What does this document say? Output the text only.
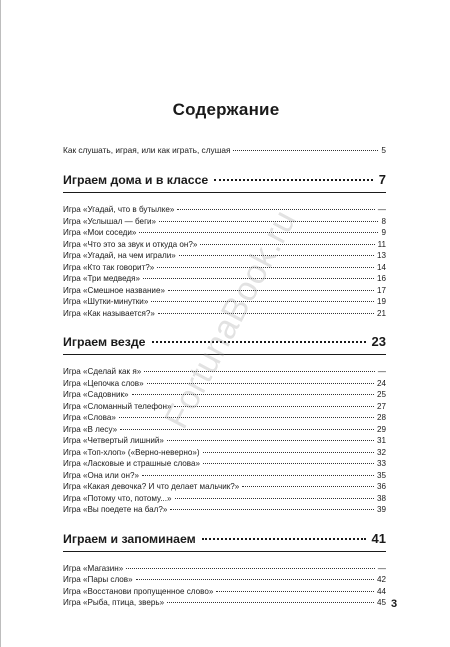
Содержание
Как слушать, играя, или как играть, слушая	5
Играем дома и в классе	7
Игра «Угадай, что в бутылке»	—
Игра «Услышал — беги»	8
Игра «Мои соседи»	9
Игра «Что это за звук и откуда он?»	11
Игра «Угадай, на чем играли»	13
Игра «Кто так говорит?»	14
Игра «Три медведя»	16
Игра «Смешное название»	17
Игра «Шутки-минутки»	19
Игра «Как называется?»	21
Играем везде	23
Игра «Сделай как я»	—
Игра «Цепочка слов»	24
Игра «Садовник»	25
Игра «Сломанный телефон»	27
Игра «Слова»	28
Игра «В лесу»	29
Игра «Четвертый лишний»	31
Игра «Топ-хлоп» («Верно-неверно»)	32
Игра «Ласковые и страшные слова»	33
Игра «Она или он?»	35
Игра «Какая девочка? И что делает мальчик?»	36
Игра «Потому что, потому...»	38
Игра «Вы поедете на бал?»	39
Играем и запоминаем	41
Игра «Магазин»	—
Игра «Пары слов»	42
Игра «Восстанови пропущенное слово»	44
Игра «Рыба, птица, зверь»	45 3
FortunaBook.ru
